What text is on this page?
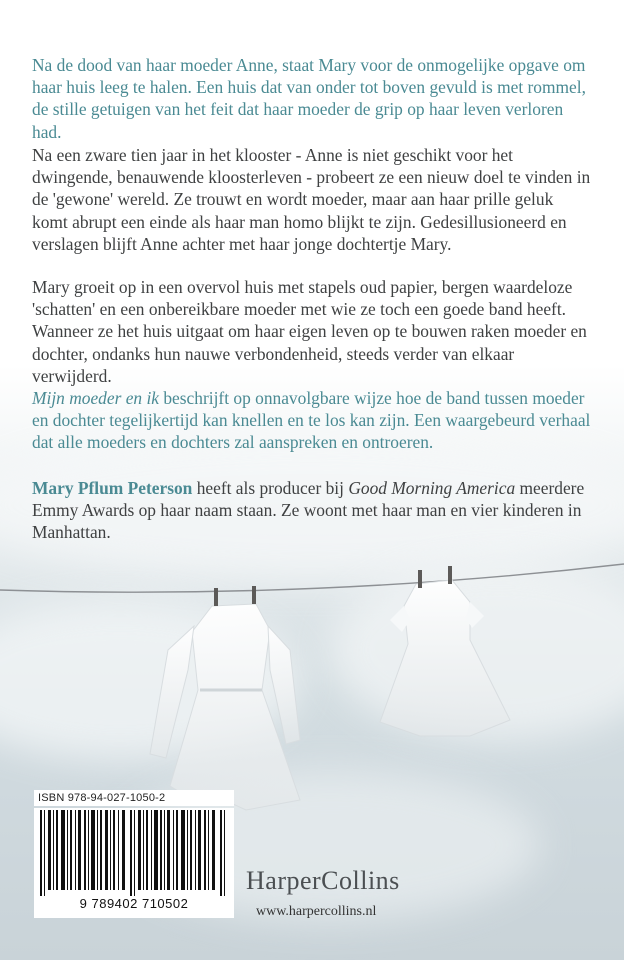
Na de dood van haar moeder Anne, staat Mary voor de onmogelijke opgave om haar huis leeg te halen. Een huis dat van onder tot boven gevuld is met rommel, de stille getuigen van het feit dat haar moeder de grip op haar leven verloren had.

Na een zware tien jaar in het klooster - Anne is niet geschikt voor het dwingende, benauwende kloosterleven - probeert ze een nieuw doel te vinden in de 'gewone' wereld. Ze trouwt en wordt moeder, maar aan haar prille geluk komt abrupt een einde als haar man homo blijkt te zijn. Gedesillusioneerd en verslagen blijft Anne achter met haar jonge dochtertje Mary.

Mary groeit op in een overvol huis met stapels oud papier, bergen waardeloze 'schatten' en een onbereikbare moeder met wie ze toch een goede band heeft. Wanneer ze het huis uitgaat om haar eigen leven op te bouwen raken moeder en dochter, ondanks hun nauwe verbondenheid, steeds verder van elkaar verwijderd.

Mijn moeder en ik beschrijft op onnavolgbare wijze hoe de band tussen moeder en dochter tegelijkertijd kan knellen en te los kan zijn. Een waargebeurd verhaal dat alle moeders en dochters zal aanspreken en ontroeren.

Mary Pflum Peterson heeft als producer bij Good Morning America meerdere Emmy Awards op haar naam staan. Ze woont met haar man en vier kinderen in Manhattan.

ISBN 978-94-027-1050-2
9 789402 710502
HarperCollins
www.harpercollins.nl
